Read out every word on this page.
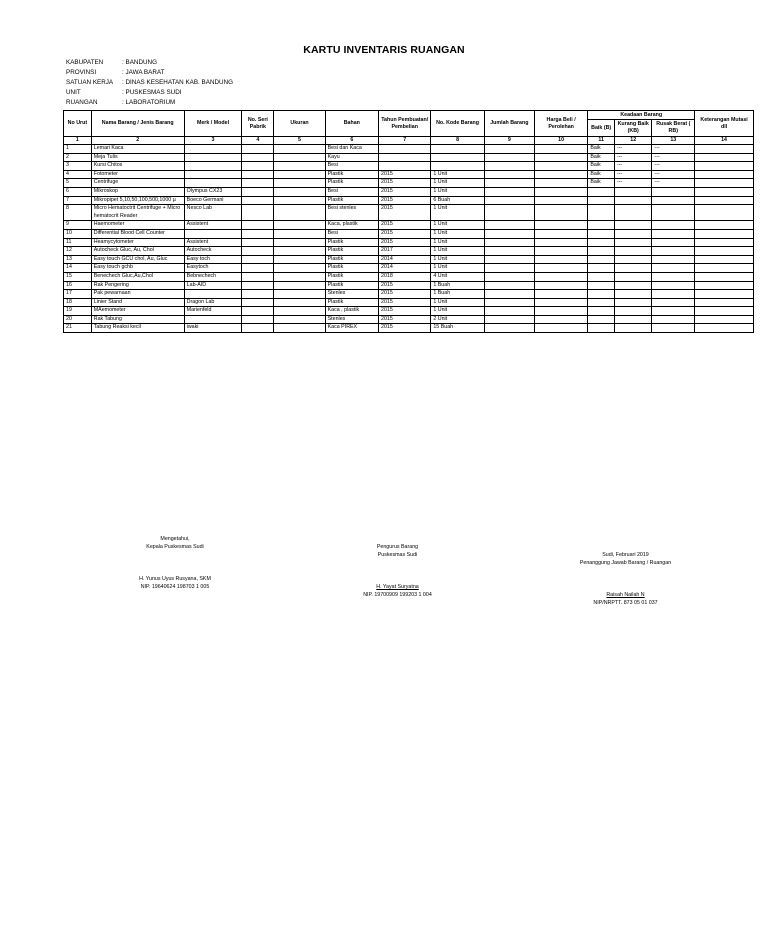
KARTU INVENTARIS RUANGAN
KABUPATEN	: BANDUNG
PROVINSI	: JAWA BARAT
SATUAN KERJA	: DINAS KESEHATAN KAB. BANDUNG
UNIT	: PUSKESMAS SUDI
RUANGAN	: LABORATORIUM
No Urut	Nama Barang / Jenis Barang	Merk / Model	No. Seri Pabrik	Ukuran	Bahan	Tahun Pembuatan/ Pembelian	No. Kode Barang	Jumlah Barang	Harga Beli / Perolehan	Keadaan Barang			Keterangan Mutasi dll
										Baik (B)	Kurang Baik (KB)	Rusak Berat ( RB)	
1	2	3	4	5	6	7	8	9	10	11	12	13	14
1	Lemari Kaca				Besi dan Kaca					Baik	---	---	
2	Meja Tulis				Kayu					Baik	---	---	
3	Kursi Chitos				Besi					Baik	---	---	
4	Fotometer				Plastik	2015	1 Unit			Baik	---	---	
5	Centrifuge				Plastik	2015	1 Unit			Baik	---	---	
6	Mikroskop	Olympus CX23			Besi	2015	1 Unit						
7	Mikropipet 5,10,50,100,500,1000 µ	Boeco Germani			Plastik	2015	6 Buah						
8	Micro Hematoctrit Centrifuge + Micro hematocrit Reader	Nesco Lab			Besi stenles	2015	1 Unit						
9	Haemometer	Assistent			Kaca, plastik	2015	1 Unit						
10	Differential Blood Cell Counter				Besi	2015	1 Unit						
11	Heamycytometer	Assistent			Plastik	2015	1 Unit						
12	Autocheck Gluc, Au, Chol	Autocheck			Plastik	2017	1 Unit						
13	Easy touch GCU chol, Au, Gluc	Easy toch			Plastik	2014	1 Unit						
14	Easy touch gchb	Easytoch			Plastik	2014	1 Unit						
15	Benechech Gluc,Au,Chol	Bebnechech			Plastik	2018	4 Unit						
16	Rak Pengering	Lab-AID			Plastik	2015	1 Buah						
17	Pak pewarnaan				Stenles	2015	1 Buah						
18	Linier Stand	Dragon Lab			Plastik	2015	1 Unit						
19	MAemometer	Marienfeld			Kaca , plastik	2015	1 Unit						
20	Rak Tabung				Stenles	2015	2 Unit						
21	Tabung Reaksi kecil	iwaki			Kaca PIREX	2015	15 Buah						
Mengetahui,
Kepala Puskesmas Sudi
H. Yunus Uyus Rusyana, SKM
NIP. 19640624 198703 1 005
Pengurus Barang
Puskesmas Sudi
H. Yayat Suryatna
NIP. 19700909 199203 1 004
Sudi, Februari 2019
Penanggung Jawab Barang / Ruangan
Raisah Nailah N
NIP/NRPTT. 873 05 01 037
